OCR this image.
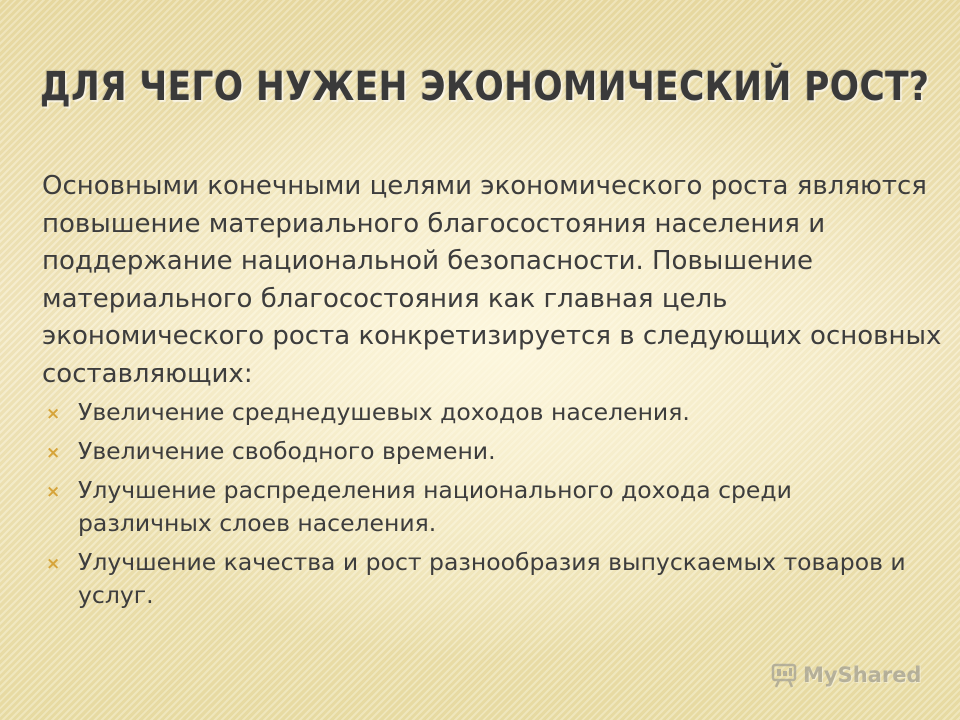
ДЛЯ ЧЕГО НУЖЕН ЭКОНОМИЧЕСКИЙ РОСТ?

Основными конечными целями экономического роста являются повышение материального благосостояния населения и поддержание национальной безопасности. Повышение материального благосостояния как главная цель экономического роста конкретизируется в следующих основных составляющих:

× Увеличение среднедушевых доходов населения.
× Увеличение свободного времени.
× Улучшение распределения национального дохода среди различных слоев населения.
× Улучшение качества и рост разнообразия выпускаемых товаров и услуг.
MyShared
